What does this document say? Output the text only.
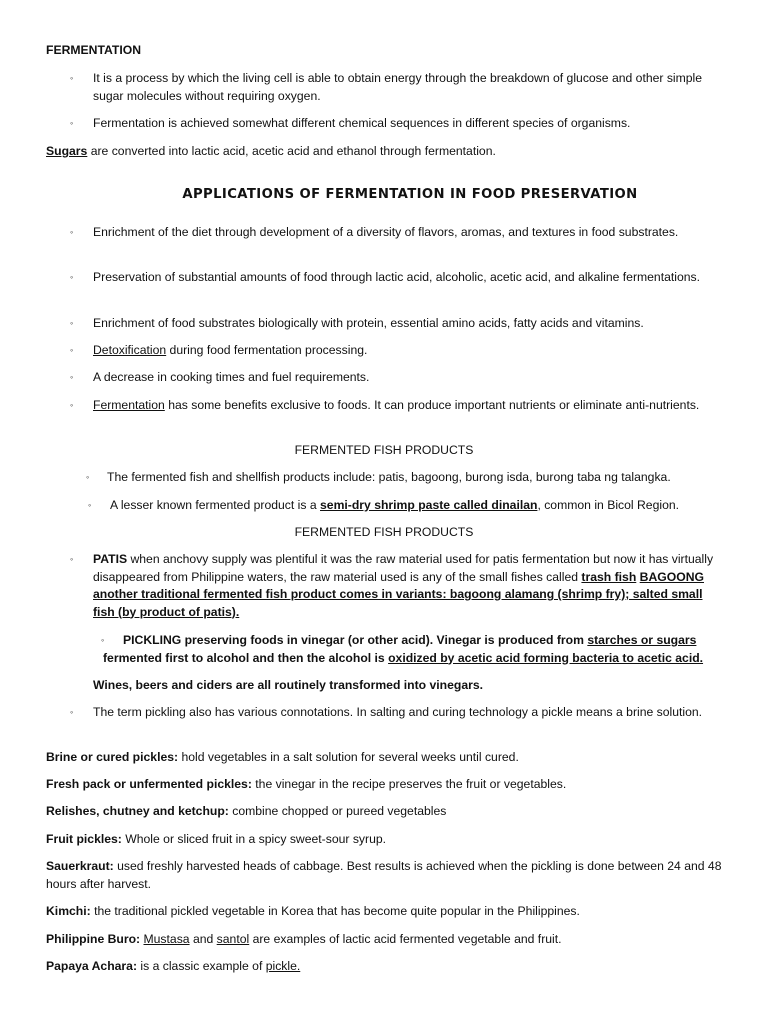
FERMENTATION
◦ It is a process by which the living cell is able to obtain energy through the breakdown of glucose and other simple sugar molecules without requiring oxygen.
◦ Fermentation is achieved somewhat different chemical sequences in different species of organisms.
Sugars are converted into lactic acid, acetic acid and ethanol through fermentation.
APPLICATIONS OF FERMENTATION IN FOOD PRESERVATION
◦ Enrichment of the diet through development of a diversity of flavors, aromas, and textures in food substrates.
◦ Preservation of substantial amounts of food through lactic acid, alcoholic, acetic acid, and alkaline fermentations.
◦ Enrichment of food substrates biologically with protein, essential amino acids, fatty acids and vitamins.
◦ Detoxification during food fermentation processing.
◦ A decrease in cooking times and fuel requirements.
◦ Fermentation has some benefits exclusive to foods. It can produce important nutrients or eliminate anti-nutrients.
FERMENTED FISH PRODUCTS
◦ The fermented fish and shellfish products include: patis, bagoong, burong isda, burong taba ng talangka.
◦ A lesser known fermented product is a semi-dry shrimp paste called dinailan, common in Bicol Region.
FERMENTED FISH PRODUCTS
◦ PATIS when anchovy supply was plentiful it was the raw material used for patis fermentation but now it has virtually disappeared from Philippine waters, the raw material used is any of the small fishes called trash fish BAGOONG another traditional fermented fish product comes in variants: bagoong alamang (shrimp fry); salted small fish (by product of patis).
◦	PICKLING preserving foods in vinegar (or other acid). Vinegar is produced from starches or sugars fermented first to alcohol and then the alcohol is oxidized by acetic acid forming bacteria to acetic acid.
Wines, beers and ciders are all routinely transformed into vinegars.
◦ The term pickling also has various connotations. In salting and curing technology a pickle means a brine solution.
Brine or cured pickles: hold vegetables in a salt solution for several weeks until cured.
Fresh pack or unfermented pickles: the vinegar in the recipe preserves the fruit or vegetables.
Relishes, chutney and ketchup: combine chopped or pureed vegetables
Fruit pickles: Whole or sliced fruit in a spicy sweet-sour syrup.
Sauerkraut: used freshly harvested heads of cabbage. Best results is achieved when the pickling is done between 24 and 48 hours after harvest.
Kimchi: the traditional pickled vegetable in Korea that has become quite popular in the Philippines.
Philippine Buro: Mustasa and santol are examples of lactic acid fermented vegetable and fruit.
Papaya Achara: is a classic example of pickle.
